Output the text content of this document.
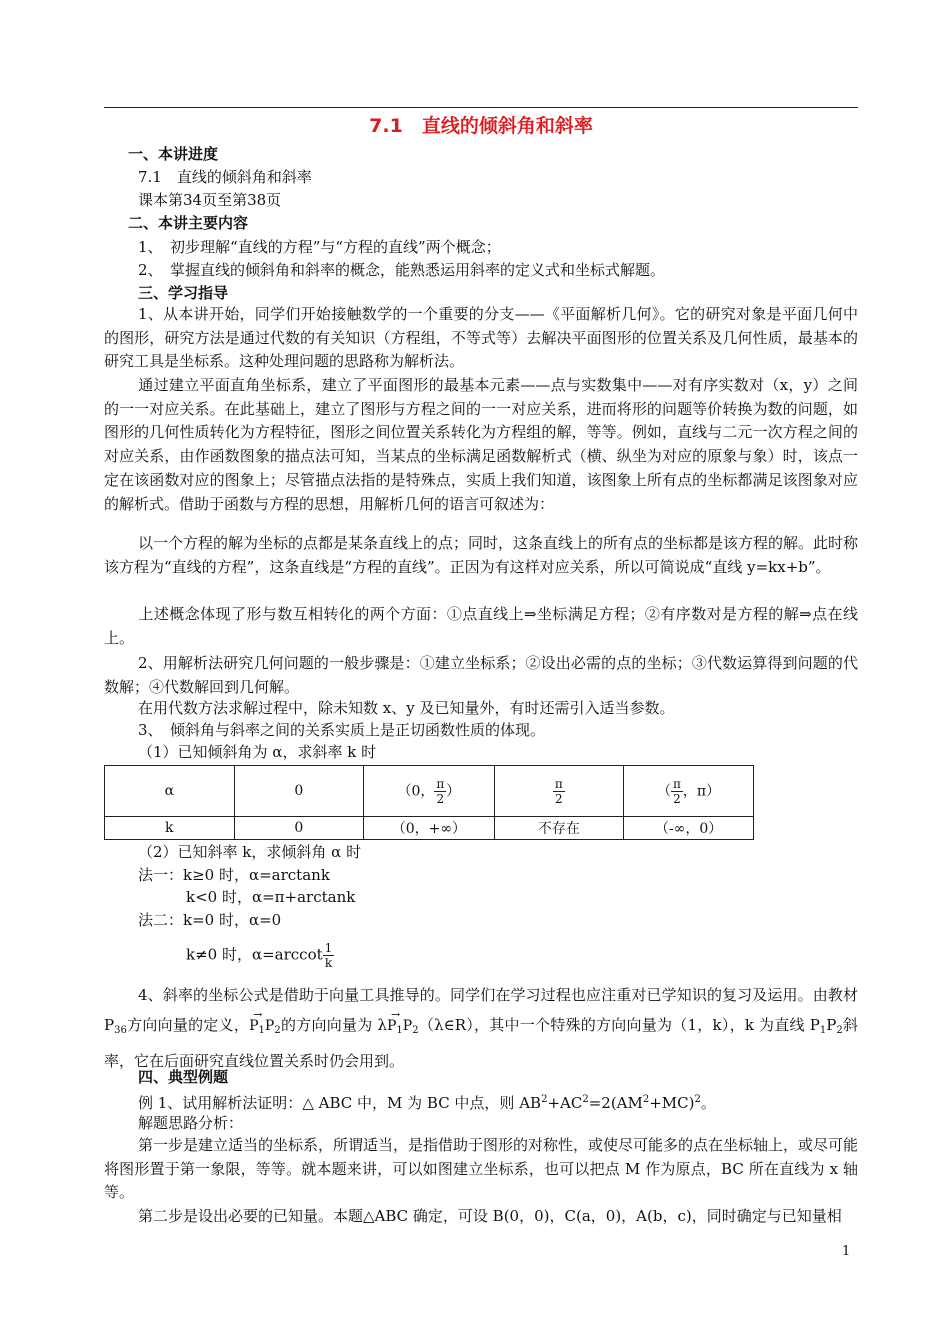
7.1　直线的倾斜角和斜率
一、本讲进度
7.1　直线的倾斜角和斜率
课本第34页至第38页
二、本讲主要内容
1、　初步理解“直线的方程”与“方程的直线”两个概念；
2、　掌握直线的倾斜角和斜率的概念，能熟悉运用斜率的定义式和坐标式解题。
三、学习指导
1、从本讲开始，同学们开始接触数学的一个重要的分支——《平面解析几何》。它的研究对象是平面几何中的图形，研究方法是通过代数的有关知识（方程组，不等式等）去解决平面图形的位置关系及几何性质，最基本的研究工具是坐标系。这种处理问题的思路称为解析法。
通过建立平面直角坐标系，建立了平面图形的最基本元素——点与实数集中——对有序实数对（x，y）之间的一一对应关系。在此基础上，建立了图形与方程之间的一一对应关系，进而将形的问题等价转换为数的问题，如图形的几何性质转化为方程特征，图形之间位置关系转化为方程组的解，等等。例如，直线与二元一次方程之间的对应关系，由作函数图象的描点法可知，当某点的坐标满足函数解析式（横、纵坐为对应的原象与象）时，该点一定在该函数对应的图象上；尽管描点法指的是特殊点，实质上我们知道，该图象上所有点的坐标都满足该图象对应的解析式。借助于函数与方程的思想，用解析几何的语言可叙述为：
以一个方程的解为坐标的点都是某条直线上的点；同时，这条直线上的所有点的坐标都是该方程的解。此时称该方程为“直线的方程”，这条直线是“方程的直线”。正因为有这样对应关系，所以可简说成“直线 y=kx+b”。
上述概念体现了形与数互相转化的两个方面：①点直线上⇒坐标满足方程；②有序数对是方程的解⇒点在线上。
2、用解析法研究几何问题的一般步骤是：①建立坐标系；②设出必需的点的坐标；③代数运算得到问题的代数解；④代数解回到几何解。
在用代数方法求解过程中，除未知数 x、y 及已知量外，有时还需引入适当参数。
3、　倾斜角与斜率之间的关系实质上是正切函数性质的体现。
（1）已知倾斜角为 α，求斜率 k 时
α	0	（0， $\frac{\pi}{2}$ ）	$\frac{\pi}{2}$	（ $\frac{\pi}{2}$ ，π）
k	0	（0，+∞）	不存在	（-∞，0）
（2）已知斜率 k，求倾斜角 α 时
法一：k≥0 时，α=arctank
k<0 时，α=π+arctank
法二：k=0 时，α=0
k≠0 时，$\alpha=arccot \frac{1}{k}$
4、斜率的坐标公式是借助于向量工具推导的。同学们在学习过程也应注重对已学知识的复习及运用。由教材 $P_{36}$方向向量的定义，→ $P_1P_2$的方向向量为 $\lambda\to P_1P_2(\lambda\in R)$，其中一个特殊的方向向量为（1，k），k 为直线 $P_1P_2$斜率，它在后面研究直线位置关系时仍会用到。
四、典型例题
例 1、试用解析法证明：△ ABC 中，M 为 BC 中点，则 $AB^2+AC^2=2(AM^2+MC)^2$。
解题思路分析：
第一步是建立适当的坐标系，所谓适当，是指借助于图形的对称性，或使尽可能多的点在坐标轴上，或尽可能将图形置于第一象限，等等。就本题来讲，可以如图建立坐标系，也可以把点 M 作为原点，BC 所在直线为 x 轴等。
第二步是设出必要的已知量。本题△ABC 确定，可设 B(0，0)，C(a，0)，A(b，c)，同时确定与已知量相
1
